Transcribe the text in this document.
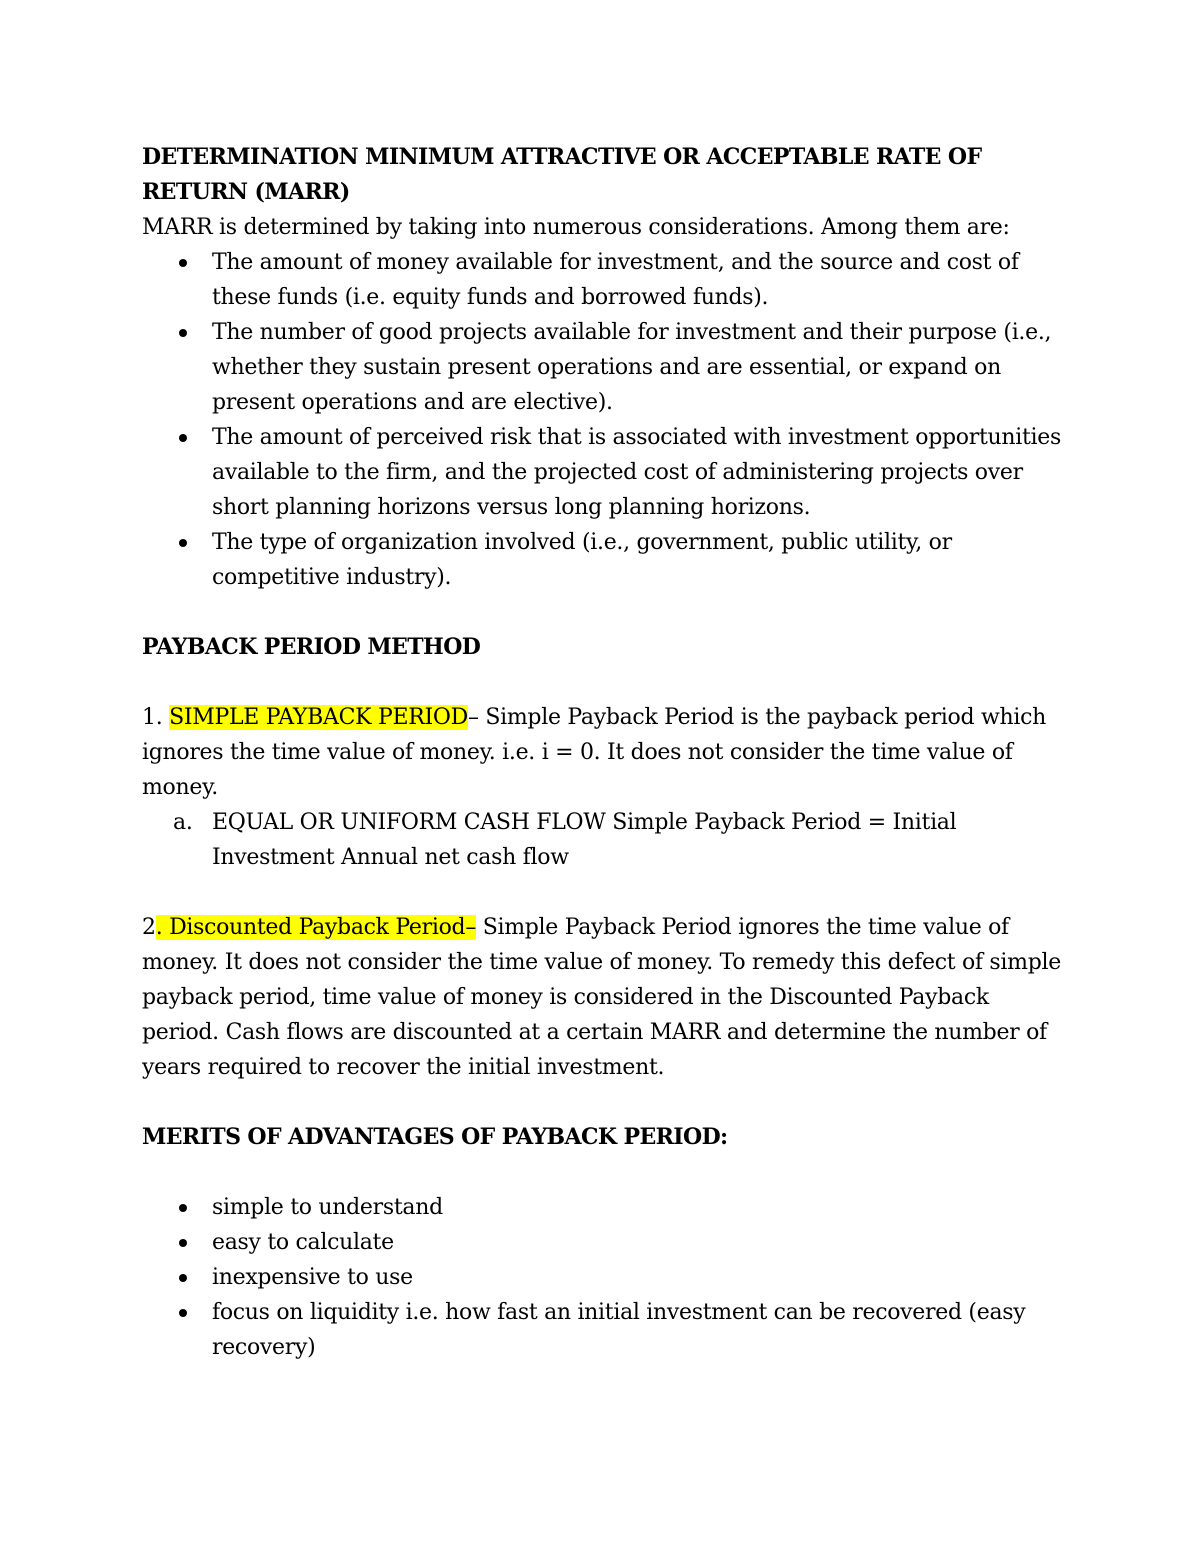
DETERMINATION MINIMUM ATTRACTIVE OR ACCEPTABLE RATE OF RETURN (MARR)

MARR is determined by taking into numerous considerations. Among them are:

The amount of money available for investment, and the source and cost of these funds (i.e. equity funds and borrowed funds).
The number of good projects available for investment and their purpose (i.e., whether they sustain present operations and are essential, or expand on present operations and are elective).
The amount of perceived risk that is associated with investment opportunities available to the firm, and the projected cost of administering projects over short planning horizons versus long planning horizons.
The type of organization involved (i.e., government, public utility, or competitive industry).

PAYBACK PERIOD METHOD

1. SIMPLE PAYBACK PERIOD– Simple Payback Period is the payback period which ignores the time value of money. i.e. i = 0. It does not consider the time value of money.

a. EQUAL OR UNIFORM CASH FLOW Simple Payback Period = Initial Investment Annual net cash flow

2. Discounted Payback Period– Simple Payback Period ignores the time value of money. It does not consider the time value of money. To remedy this defect of simple payback period, time value of money is considered in the Discounted Payback period. Cash flows are discounted at a certain MARR and determine the number of years required to recover the initial investment.

MERITS OF ADVANTAGES OF PAYBACK PERIOD:

simple to understand
easy to calculate
inexpensive to use
focus on liquidity i.e. how fast an initial investment can be recovered (easy recovery)
